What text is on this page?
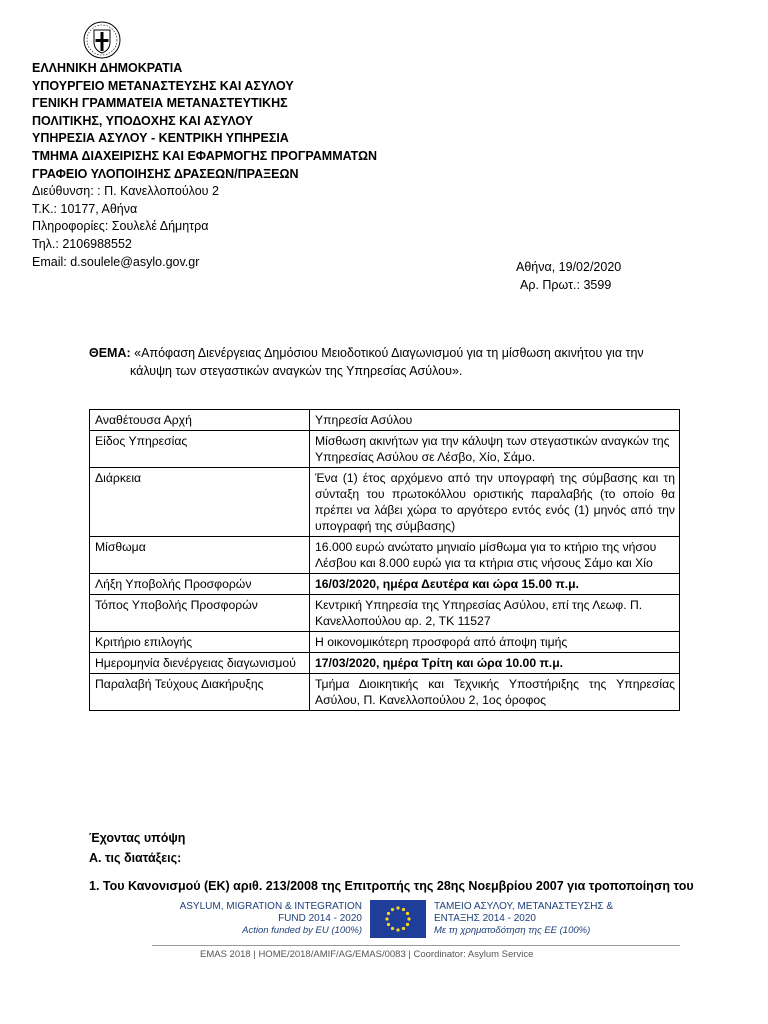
ΕΛΛΗΝΙΚΗ ΔΗΜΟΚΡΑΤΙΑ
ΥΠΟΥΡΓΕΙΟ ΜΕΤΑΝΑΣΤΕΥΣΗΣ ΚΑΙ ΑΣΥΛΟΥ
ΓΕΝΙΚΗ ΓΡΑΜΜΑΤΕΙΑ ΜΕΤΑΝΑΣΤΕΥΤΙΚΗΣ
ΠΟΛΙΤΙΚΗΣ, ΥΠΟΔΟΧΗΣ ΚΑΙ ΑΣΥΛΟΥ
ΥΠΗΡΕΣΙΑ ΑΣΥΛΟΥ - ΚΕΝΤΡΙΚΗ ΥΠΗΡΕΣΙΑ
ΤΜΗΜΑ ΔΙΑΧΕΙΡΙΣΗΣ ΚΑΙ ΕΦΑΡΜΟΓΗΣ ΠΡΟΓΡΑΜΜΑΤΩΝ
ΓΡΑΦΕΙΟ ΥΛΟΠΟΙΗΣΗΣ ΔΡΑΣΕΩΝ/ΠΡΑΞΕΩΝ
Διεύθυνση: : Π. Κανελλοπούλου 2
Τ.Κ.: 10177, Αθήνα
Πληροφορίες: Σουλελέ Δήμητρα
Τηλ.: 2106988552
Email: d.soulele@asylo.gov.gr	Αθήνα, 19/02/2020
Αρ. Πρωτ.: 3599
ΘΕΜΑ: «Απόφαση Διενέργειας Δημόσιου Μειοδοτικού Διαγωνισμού για τη μίσθωση ακινήτου για την
κάλυψη των στεγαστικών αναγκών της Υπηρεσίας Ασύλου».
Αναθέτουσα Αρχή	Υπηρεσία Ασύλου
Είδος Υπηρεσίας	Μίσθωση ακινήτων για την κάλυψη των στεγαστικών αναγκών της Υπηρεσίας Ασύλου σε Λέσβο, Χίο, Σάμο.
Διάρκεια	Ένα (1) έτος αρχόμενο από την υπογραφή της σύμβασης και τη σύνταξη του πρωτοκόλλου οριστικής παραλαβής (το οποίο θα πρέπει να λάβει χώρα το αργότερο εντός ενός (1) μηνός από την υπογραφή της σύμβασης)
Μίσθωμα	16.000 ευρώ ανώτατο μηνιαίο μίσθωμα για το κτήριο της νήσου Λέσβου και 8.000 ευρώ για τα κτήρια στις νήσους Σάμο και Χίο
Λήξη Υποβολής Προσφορών	16/03/2020, ημέρα Δευτέρα και ώρα 15.00 π.μ.
Τόπος Υποβολής Προσφορών	Κεντρική Υπηρεσία της Υπηρεσίας Ασύλου, επί της Λεωφ. Π. Κανελλοπούλου αρ. 2, ΤΚ 11527
Κριτήριο επιλογής	Η οικονομικότερη προσφορά από άποψη τιμής
Ημερομηνία διενέργειας διαγωνισμού	17/03/2020, ημέρα Τρίτη και ώρα 10.00 π.μ.
Παραλαβή Τεύχους Διακήρυξης	Τμήμα Διοικητικής και Τεχνικής Υποστήριξης της Υπηρεσίας Ασύλου, Π. Κανελλοπούλου 2, 1ος όροφος
Έχοντας υπόψη
Α. τις διατάξεις:
1. Του Κανονισμού (ΕΚ) αριθ. 213/2008 της Επιτροπής της 28ης Νοεμβρίου 2007 για τροποποίηση του
ASYLUM, MIGRATION & INTEGRATION
FUND 2014 - 2020
Action funded by EU (100%)
ΤΑΜΕΙΟ ΑΣΥΛΟΥ, ΜΕΤΑΝΑΣΤΕΥΣΗΣ &
ΕΝΤΑΞΗΣ 2014 - 2020
Με τη χρηματοδότηση της ΕΕ (100%)
EMAS 2018 | HOME/2018/AMIF/AG/EMAS/0083 | Coordinator: Asylum Service
